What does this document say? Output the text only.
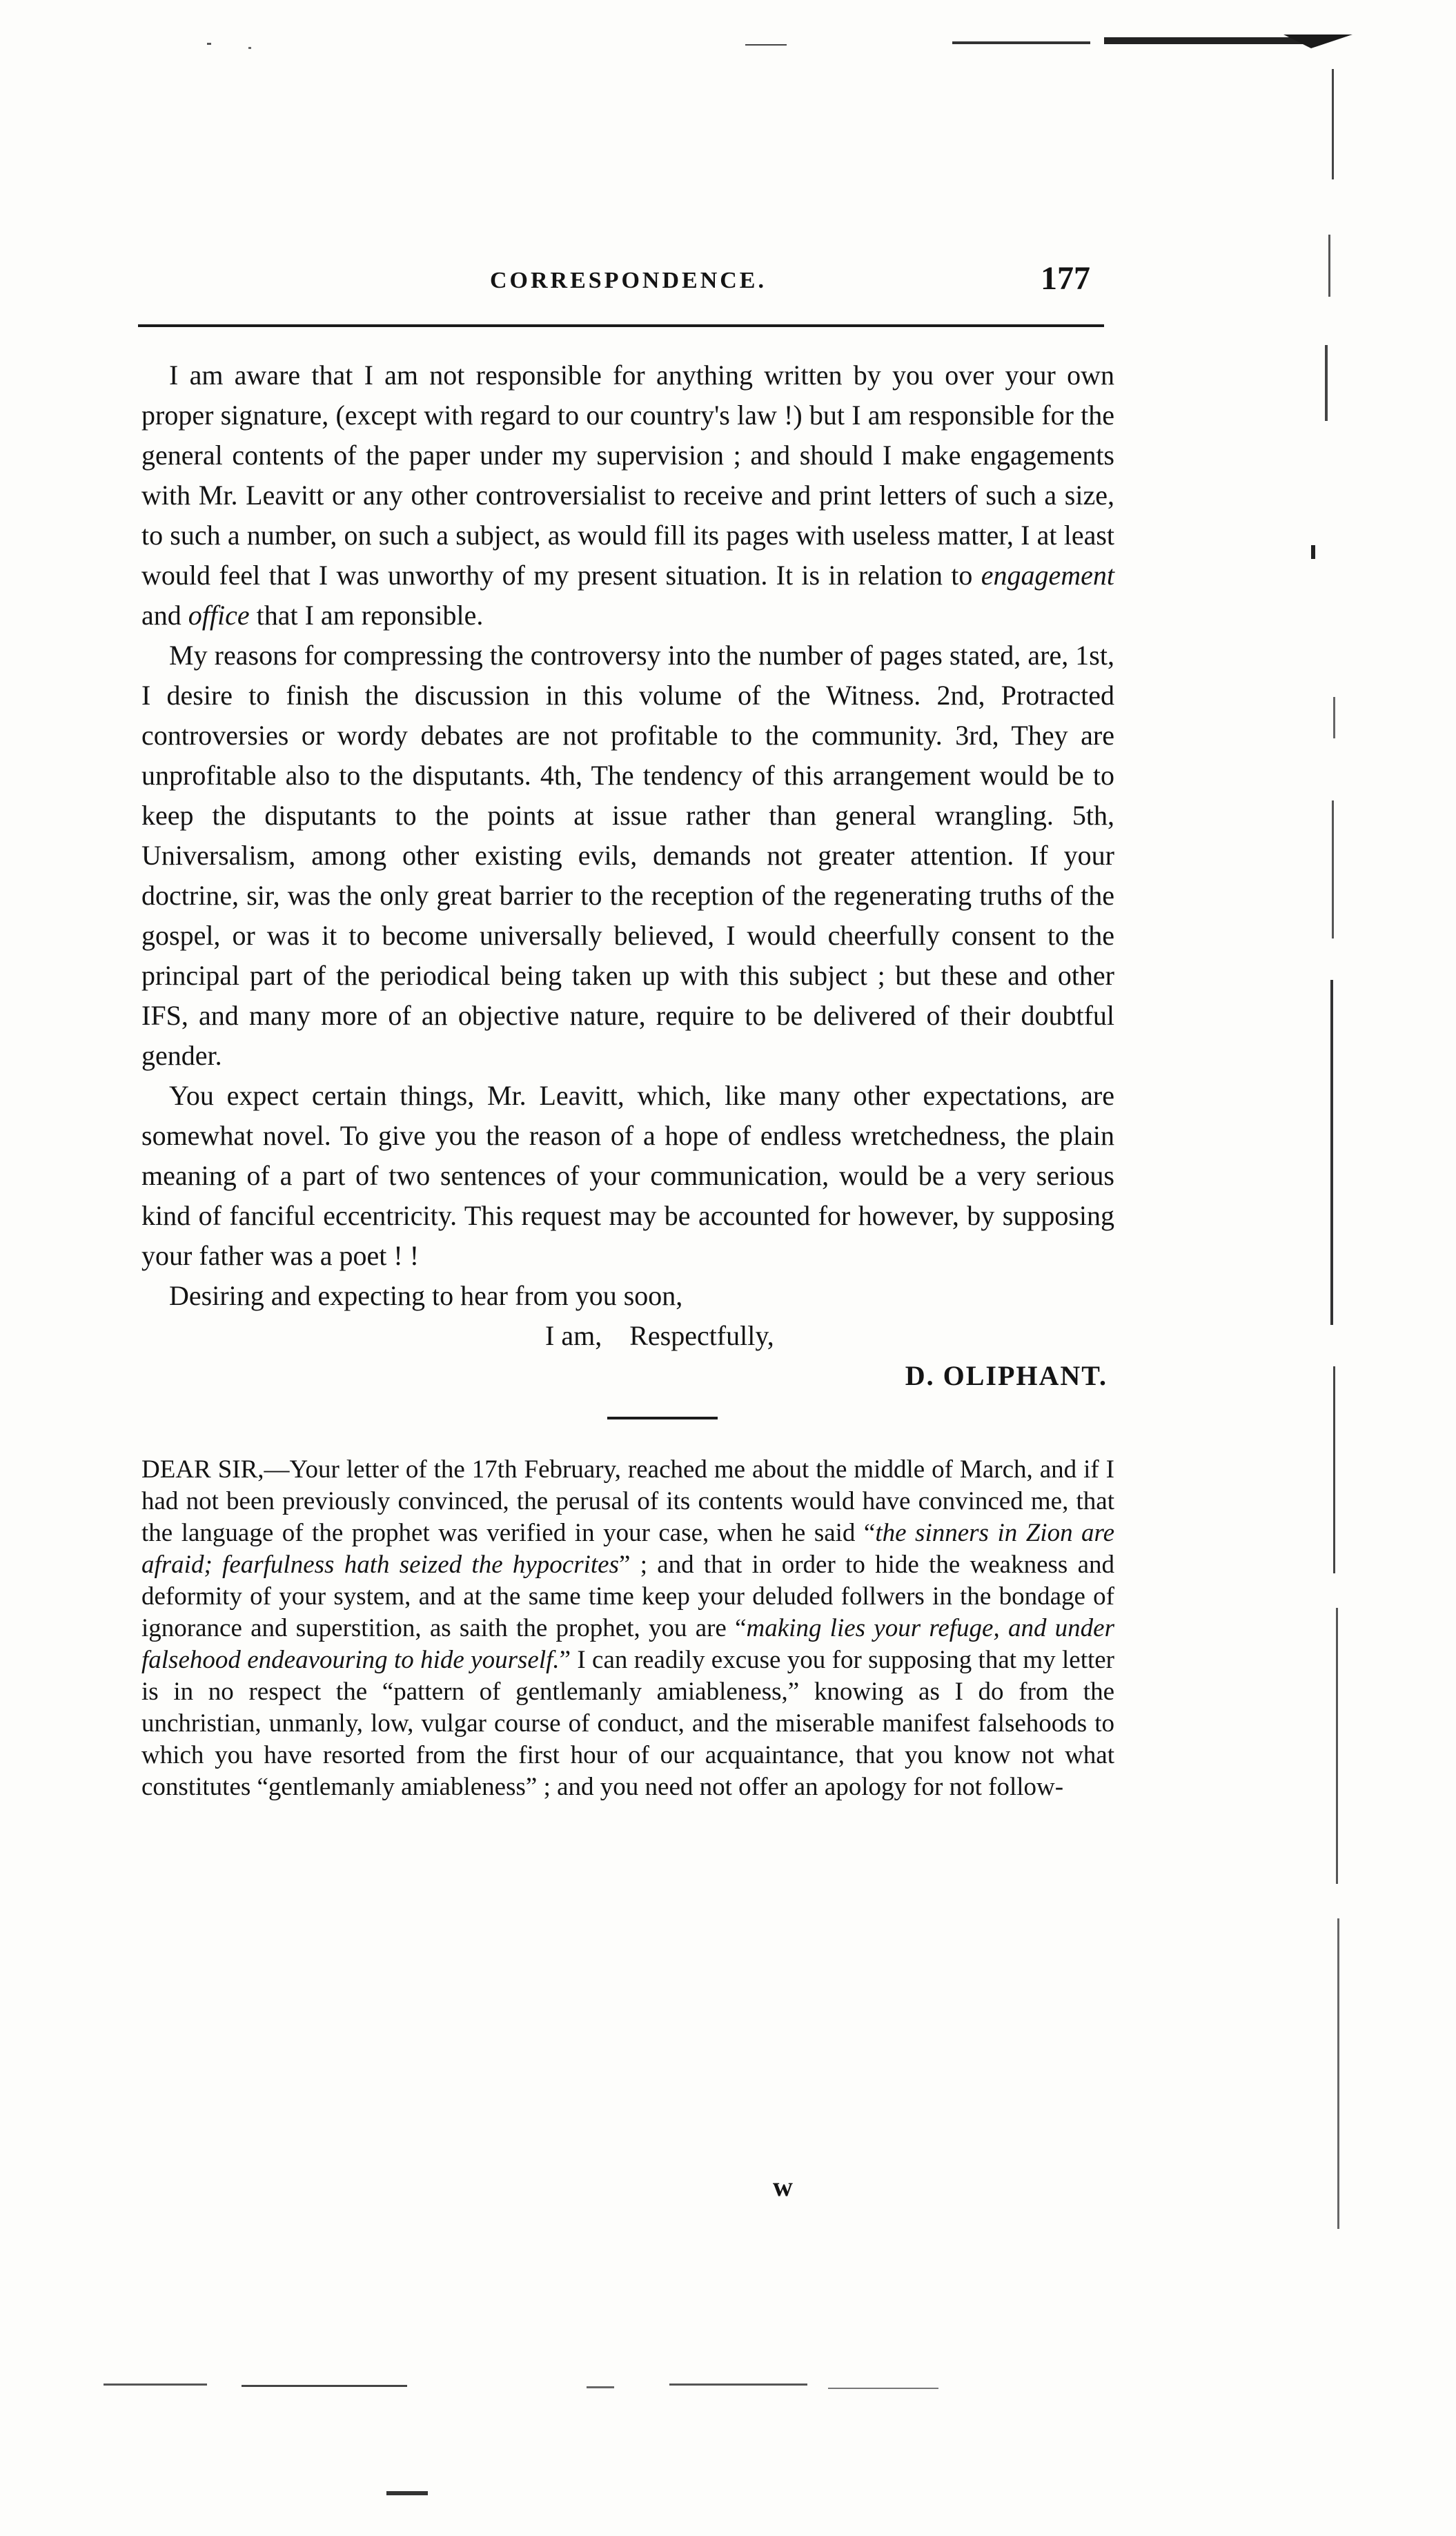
CORRESPONDENCE.	177

I am aware that I am not responsible for anything written by you over your own proper signature, (except with regard to our country's law !) but I am responsible for the general contents of the paper under my supervision ; and should I make engagements with Mr. Leavitt or any other controversialist to receive and print letters of such a size, to such a number, on such a subject, as would fill its pages with useless matter, I at least would feel that I was unworthy of my present situation. It is in relation to engagement and office that I am reponsible.

My reasons for compressing the controversy into the number of pages stated, are, 1st, I desire to finish the discussion in this volume of the Witness. 2nd, Protracted controversies or wordy debates are not profitable to the community. 3rd, They are unprofitable also to the disputants. 4th, The tendency of this arrangement would be to keep the disputants to the points at issue rather than general wrangling. 5th, Universalism, among other existing evils, demands not greater attention. If your doctrine, sir, was the only great barrier to the reception of the regenerating truths of the gospel, or was it to become universally believed, I would cheerfully consent to the principal part of the periodical being taken up with this subject ; but these and other IFS, and many more of an objective nature, require to be delivered of their doubtful gender.

You expect certain things, Mr. Leavitt, which, like many other expectations, are somewhat novel. To give you the reason of a hope of endless wretchedness, the plain meaning of a part of two sentences of your communication, would be a very serious kind of fanciful eccentricity. This request may be accounted for however, by supposing your father was a poet ! !

Desiring and expecting to hear from you soon,

I am,    Respectfully,

D. OLIPHANT.

DEAR SIR,—Your letter of the 17th February, reached me about the middle of March, and if I had not been previously convinced, the perusal of its contents would have convinced me, that the language of the prophet was verified in your case, when he said “the sinners in Zion are afraid; fearfulness hath seized the hypocrites” ; and that in order to hide the weakness and deformity of your system, and at the same time keep your deluded follwers in the bondage of ignorance and superstition, as saith the prophet, you are “making lies your refuge, and under falsehood endeavouring to hide yourself.” I can readily excuse you for supposing that my letter is in no respect the “pattern of gentlemanly amiableness,” knowing as I do from the unchristian, unmanly, low, vulgar course of conduct, and the miserable manifest falsehoods to which you have resorted from the first hour of our acquaintance, that you know not what constitutes “gentlemanly amiableness” ; and you need not offer an apology for not follow-

w
